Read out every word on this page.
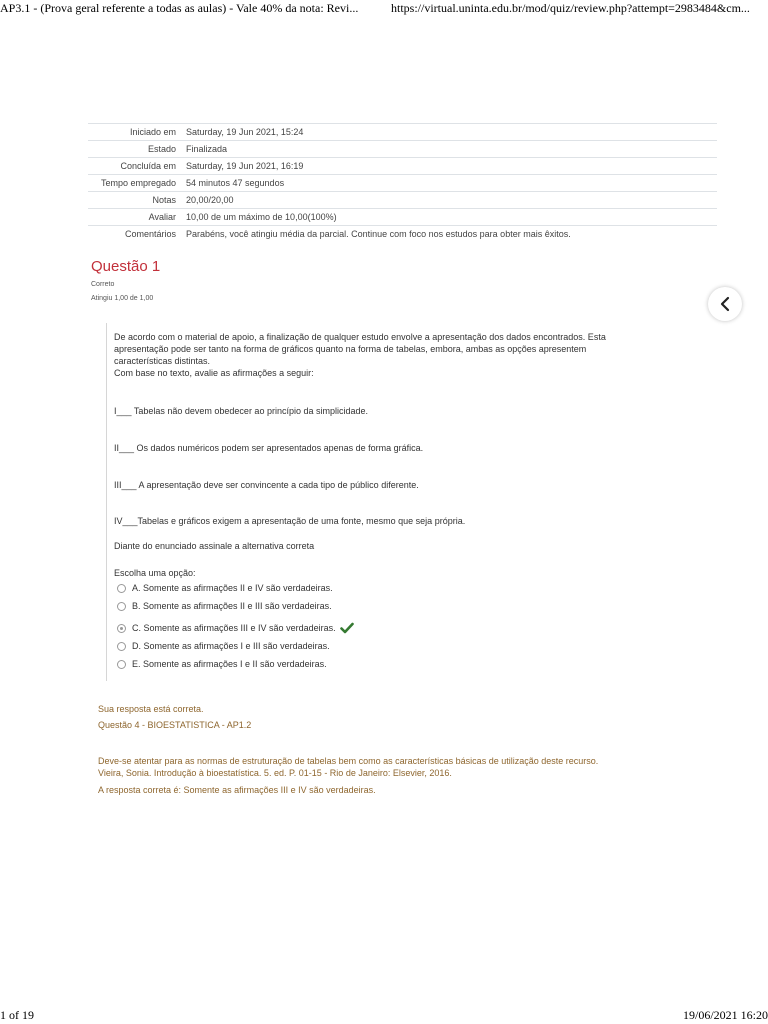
AP3.1 - (Prova geral referente a todas as aulas) - Vale 40% da nota: Revi...	https://virtual.uninta.edu.br/mod/quiz/review.php?attempt=2983484&cm...
Iniciado em	Saturday, 19 Jun 2021, 15:24
Estado	Finalizada
Concluída em	Saturday, 19 Jun 2021, 16:19
Tempo empregado	54 minutos 47 segundos
Notas	20,00/20,00
Avaliar	10,00 de um máximo de 10,00(100%)
Comentários	Parabéns, você atingiu média da parcial. Continue com foco nos estudos para obter mais êxitos.
Questão 1
Correto
Atingiu 1,00 de 1,00
De acordo com o material de apoio, a finalização de qualquer estudo envolve a apresentação dos dados encontrados. Esta
apresentação pode ser tanto na forma de gráficos quanto na forma de tabelas, embora, ambas as opções apresentem
características distintas.
Com base no texto, avalie as afirmações a seguir:
I___ Tabelas não devem obedecer ao princípio da simplicidade.
II___ Os dados numéricos podem ser apresentados apenas de forma gráfica.
III___ A apresentação deve ser convincente a cada tipo de público diferente.
IV___Tabelas e gráficos exigem a apresentação de uma fonte, mesmo que seja própria.
Diante do enunciado assinale a alternativa correta
Escolha uma opção:
A. Somente as afirmações II e IV são verdadeiras.
B. Somente as afirmações II e III são verdadeiras.
C. Somente as afirmações III e IV são verdadeiras.
D. Somente as afirmações I e III são verdadeiras.
E. Somente as afirmações I e II são verdadeiras.
Sua resposta está correta.
Questão 4 - BIOESTATISTICA - AP1.2
Deve-se atentar para as normas de estruturação de tabelas bem como as características básicas de utilização deste recurso.
Vieira, Sonia. Introdução à bioestatística. 5. ed. P. 01-15 - Rio de Janeiro: Elsevier, 2016.
A resposta correta é: Somente as afirmações III e IV são verdadeiras.
1 of 19	19/06/2021 16:20
